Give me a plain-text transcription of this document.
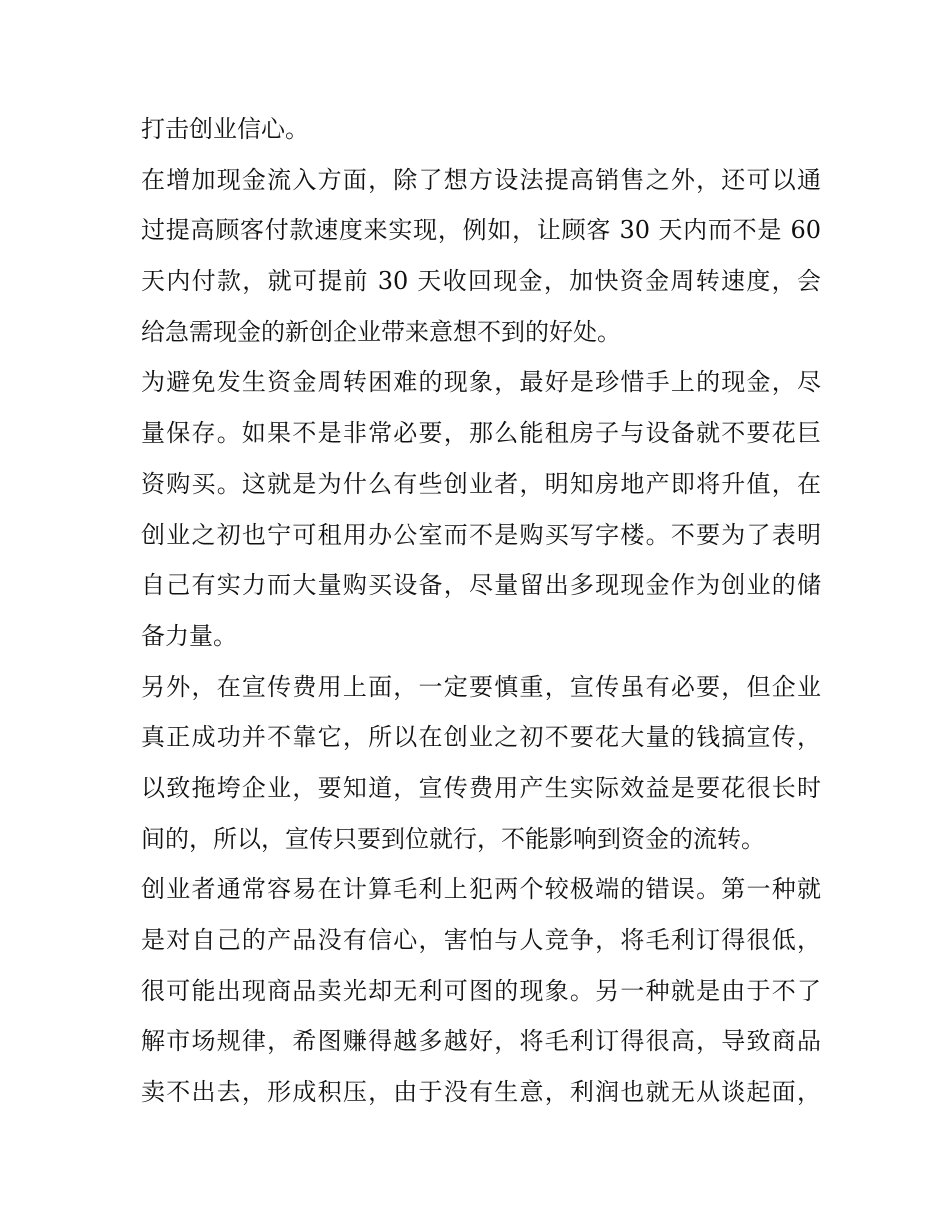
打击创业信心。
在增加现金流入方面，除了想方设法提高销售之外，还可以通
过提高顾客付款速度来实现，例如，让顾客 30 天内而不是 60
天内付款，就可提前 30 天收回现金，加快资金周转速度，会
给急需现金的新创企业带来意想不到的好处。
为避免发生资金周转困难的现象，最好是珍惜手上的现金，尽
量保存。如果不是非常必要，那么能租房子与设备就不要花巨
资购买。这就是为什么有些创业者，明知房地产即将升值，在
创业之初也宁可租用办公室而不是购买写字楼。不要为了表明
自己有实力而大量购买设备，尽量留出多现现金作为创业的储
备力量。
另外，在宣传费用上面，一定要慎重，宣传虽有必要，但企业
真正成功并不靠它，所以在创业之初不要花大量的钱搞宣传，
以致拖垮企业，要知道，宣传费用产生实际效益是要花很长时
间的，所以，宣传只要到位就行，不能影响到资金的流转。
创业者通常容易在计算毛利上犯两个较极端的错误。第一种就
是对自己的产品没有信心，害怕与人竞争，将毛利订得很低，
很可能出现商品卖光却无利可图的现象。另一种就是由于不了
解市场规律，希图赚得越多越好，将毛利订得很高，导致商品
卖不出去，形成积压，由于没有生意，利润也就无从谈起面，
